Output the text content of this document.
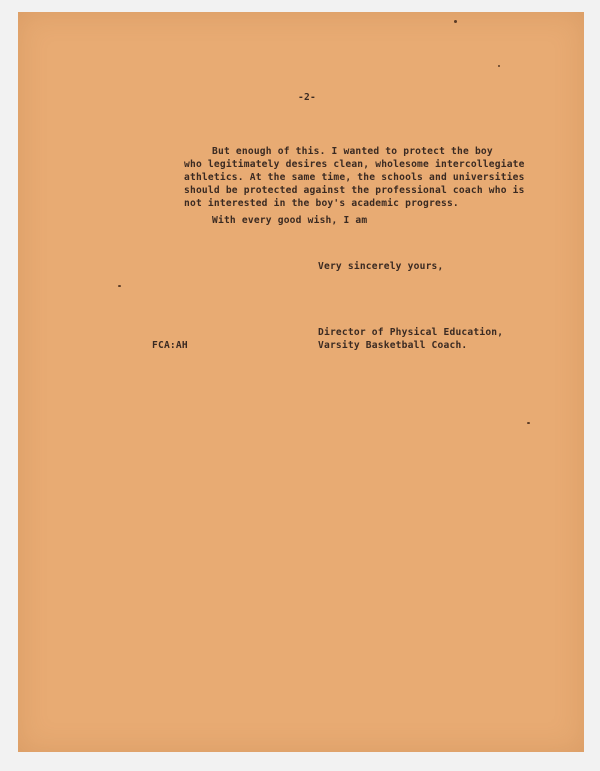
-2-
But enough of this. I wanted to protect the boy
who legitimately desires clean, wholesome intercollegiate
athletics. At the same time, the schools and universities
should be protected against the professional coach who is
not interested in the boy's academic progress.
With every good wish, I am
Very sincerely yours,
Director of Physical Education,
Varsity Basketball Coach.
FCA:AH
